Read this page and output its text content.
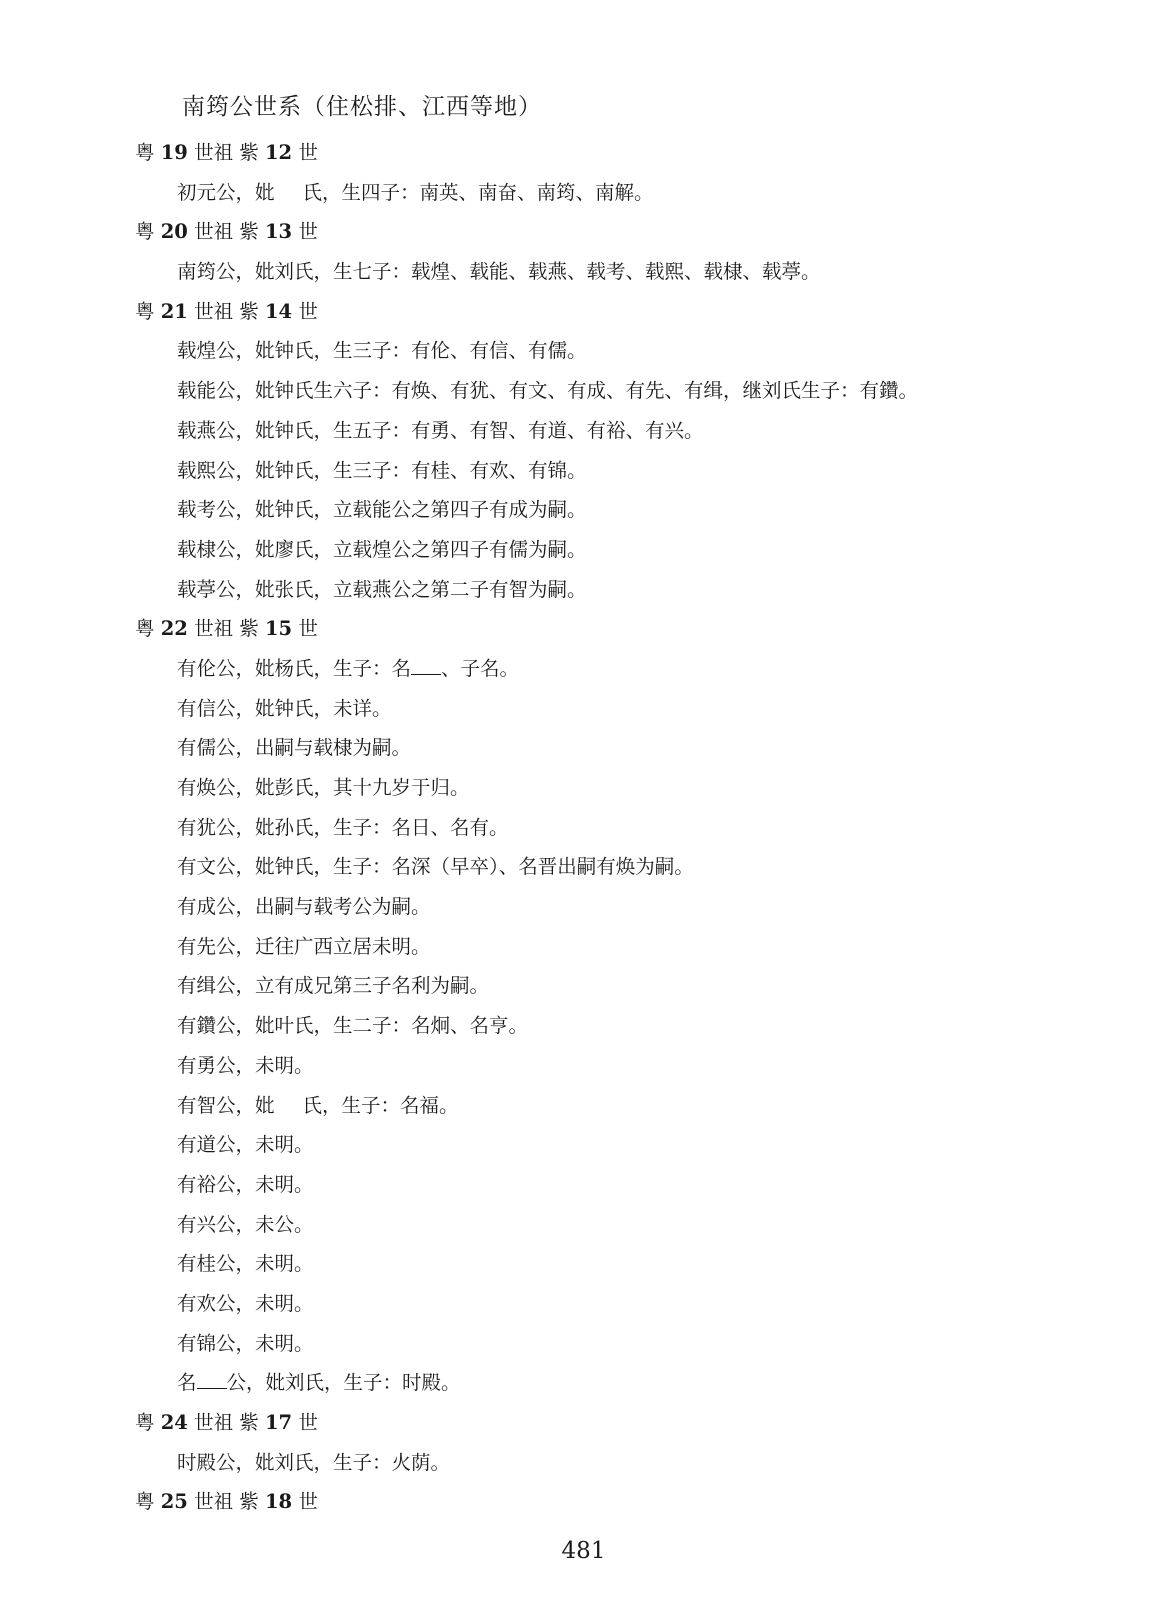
南筠公世系（住松排、江西等地）
粤 19 世祖 紫 12 世
初元公，妣 氏，生四子：南英、南奋、南筠、南解。
粤 20 世祖 紫 13 世
南筠公，妣刘氏，生七子：载煌、载能、载燕、载考、载熙、载棣、载葶。
粤 21 世祖 紫 14 世
载煌公，妣钟氏，生三子：有伦、有信、有儒。
载能公，妣钟氏生六子：有焕、有犹、有文、有成、有先、有缉，继刘氏生子：有鑽。
载燕公，妣钟氏，生五子：有勇、有智、有道、有裕、有兴。
载熙公，妣钟氏，生三子：有桂、有欢、有锦。
载考公，妣钟氏，立载能公之第四子有成为嗣。
载棣公，妣廖氏，立载煌公之第四子有儒为嗣。
载葶公，妣张氏，立载燕公之第二子有智为嗣。
粤 22 世祖 紫 15 世
有伦公，妣杨氏，生子：名 、子名。
有信公，妣钟氏，未详。
有儒公，出嗣与载棣为嗣。
有焕公，妣彭氏，其十九岁于归。
有犹公，妣孙氏，生子：名日、名有。
有文公，妣钟氏，生子：名深（早卒）、名晋出嗣有焕为嗣。
有成公，出嗣与载考公为嗣。
有先公，迁往广西立居未明。
有缉公，立有成兄第三子名利为嗣。
有鑽公，妣叶氏，生二子：名炯、名亨。
有勇公，未明。
有智公，妣 氏，生子：名福。
有道公，未明。
有裕公，未明。
有兴公，未公。
有桂公，未明。
有欢公，未明。
有锦公，未明。
名 公，妣刘氏，生子：时殿。
粤 24 世祖 紫 17 世
时殿公，妣刘氏，生子：火荫。
粤 25 世祖 紫 18 世
481
